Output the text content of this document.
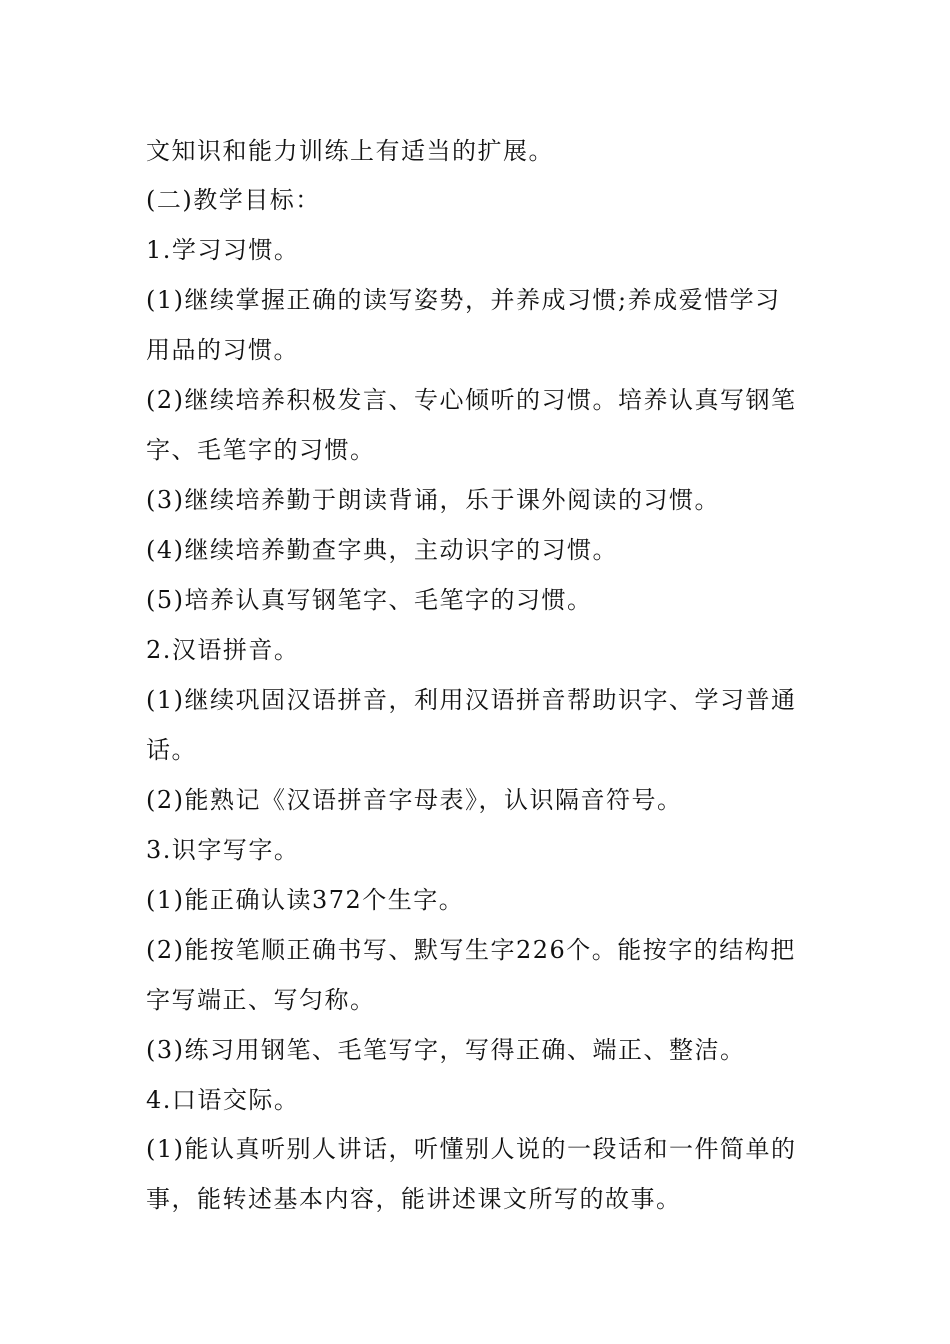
文知识和能力训练上有适当的扩展。
(二)教学目标：
1.学习习惯。
(1)继续掌握正确的读写姿势，并养成习惯;养成爱惜学习
用品的习惯。
(2)继续培养积极发言、专心倾听的习惯。培养认真写钢笔
字、毛笔字的习惯。
(3)继续培养勤于朗读背诵，乐于课外阅读的习惯。
(4)继续培养勤查字典，主动识字的习惯。
(5)培养认真写钢笔字、毛笔字的习惯。
2.汉语拼音。
(1)继续巩固汉语拼音，利用汉语拼音帮助识字、学习普通
话。
(2)能熟记《汉语拼音字母表》，认识隔音符号。
3.识字写字。
(1)能正确认读372个生字。
(2)能按笔顺正确书写、默写生字226个。能按字的结构把
字写端正、写匀称。
(3)练习用钢笔、毛笔写字，写得正确、端正、整洁。
4.口语交际。
(1)能认真听别人讲话，听懂别人说的一段话和一件简单的
事，能转述基本内容，能讲述课文所写的故事。
